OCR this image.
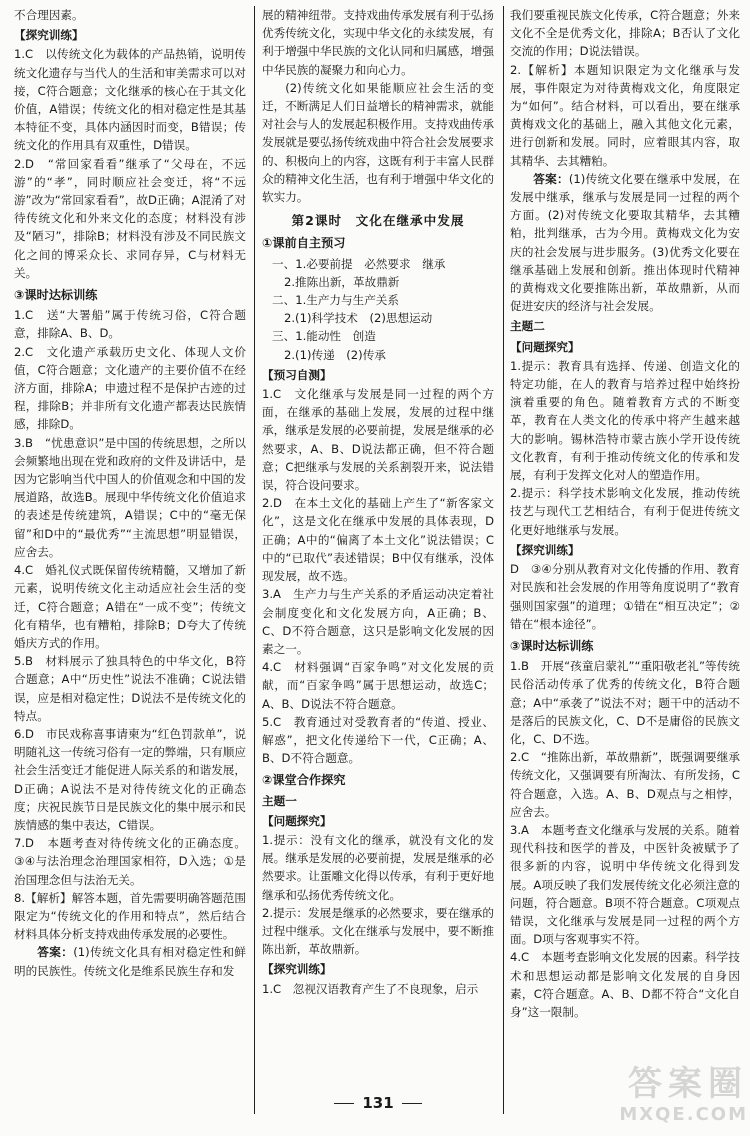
不合理因素。

【探究训练】

1.C　以传统文化为载体的产品热销，说明传统文化遗存与当代人的生活和审美需求可以对接，C符合题意；文化继承的核心在于其文化价值，A错误；传统文化的相对稳定性是其基本特征不变，具体内涵因时而变，B错误；传统文化的作用具有双重性，D错误。

2.D　“常回家看看”继承了“父母在，不远游”的“孝”，同时顺应社会变迁，将“不远游”改为“常回家看看”，故D正确；A混淆了对待传统文化和外来文化的态度；材料没有涉及“陋习”，排除B；材料没有涉及不同民族文化之间的博采众长、求同存异，C与材料无关。

③课时达标训练

1.C　送“大署船”属于传统习俗，C符合题意，排除A、B、D。

2.C　文化遗产承载历史文化、体现人文价值，C符合题意；文化遗产的主要价值不在经济方面，排除A；申遗过程不是保护古迹的过程，排除B；并非所有文化遗产都表达民族情感，排除D。

3.B　“忧患意识”是中国的传统思想，之所以会频繁地出现在党和政府的文件及讲话中，是因为它影响当代中国人的价值观念和中国的发展道路，故选B。展现中华传统文化价值追求的表述是传统建筑，A错误；C中的“毫无保留”和D中的“最优秀”“主流思想”明显错误，应舍去。

4.C　婚礼仪式既保留传统精髓，又增加了新元素，说明传统文化主动适应社会生活的变迁，C符合题意；A错在“一成不变”；传统文化有精华，也有糟粕，排除B；D夸大了传统婚庆方式的作用。

5.B　材料展示了独具特色的中华文化，B符合题意；A中“历史性”说法不准确；C说法错误，应是相对稳定性；D说法不是传统文化的特点。

6.D　市民戏称喜事请柬为“红色罚款单”，说明随礼这一传统习俗有一定的弊端，只有顺应社会生活变迁才能促进人际关系的和谐发展，D正确；A说法不是对待传统文化的正确态度；庆祝民族节日是民族文化的集中展示和民族情感的集中表达，C错误。

7.D　本题考查对待传统文化的正确态度。③④与法治理念治理国家相符，D入选；①是治国理念但与法治无关。

8.【解析】解答本题，首先需要明确答题范围限定为“传统文化的作用和特点”，然后结合材料具体分析支持戏曲传承发展的必要性。

答案：(1)传统文化具有相对稳定性和鲜明的民族性。传统文化是维系民族生存和发

展的精神纽带。支持戏曲传承发展有利于弘扬优秀传统文化，实现中华文化的永续发展，有利于增强中华民族的文化认同和归属感，增强中华民族的凝聚力和向心力。

(2)传统文化如果能顺应社会生活的变迁，不断满足人们日益增长的精神需求，就能对社会与人的发展起积极作用。支持戏曲传承发展就是要弘扬传统戏曲中符合社会发展要求的、积极向上的内容，这既有利于丰富人民群众的精神文化生活，也有利于增强中华文化的软实力。

第2课时　文化在继承中发展

①课前自主预习

一、1.必要前提　必然要求　继承

2.推陈出新，革故鼎新

二、1.生产力与生产关系

2.(1)科学技术　(2)思想运动

三、1.能动性　创造

2.(1)传递　(2)传承

【预习自测】

1.C　文化继承与发展是同一过程的两个方面，在继承的基础上发展，发展的过程中继承，继承是发展的必要前提，发展是继承的必然要求，A、B、D说法都正确，但不符合题意；C把继承与发展的关系割裂开来，说法错误，符合设问要求。

2.D　在本土文化的基础上产生了“新客家文化”，这是文化在继承中发展的具体表现，D正确；A中的“偏离了本土文化”说法错误；C中的“已取代”表述错误；B中仅有继承，没体现发展，故不选。

3.A　生产力与生产关系的矛盾运动决定着社会制度变化和文化发展方向，A正确；B、C、D不符合题意，这只是影响文化发展的因素之一。

4.C　材料强调“百家争鸣”对文化发展的贡献，而“百家争鸣”属于思想运动，故选C；A、B、D说法不符合题意。

5.C　教育通过对受教育者的“传道、授业、解惑”，把文化传递给下一代，C正确；A、B、D不符合题意。

②课堂合作探究

主题一

【问题探究】

1.提示：没有文化的继承，就没有文化的发展。继承是发展的必要前提，发展是继承的必然要求。让蛋雕文化得以传承，有利于更好地继承和弘扬优秀传统文化。

2.提示：发展是继承的必然要求，要在继承的过程中继承。文化在继承与发展中，要不断推陈出新，革故鼎新。

【探究训练】

1.C　忽视汉语教育产生了不良现象，启示

我们要重视民族文化传承，C符合题意；外来文化不全是优秀文化，排除A；B否认了文化交流的作用；D说法错误。

2.【解析】本题知识限定为文化继承与发展，事件限定为对待黄梅戏文化，角度限定为“如何”。结合材料，可以看出，要在继承黄梅戏文化的基础上，融入其他文化元素，进行创新和发展。同时，应着眼其内容，取其精华、去其糟粕。

答案：(1)传统文化要在继承中发展，在发展中继承，继承与发展是同一过程的两个方面。(2)对传统文化要取其精华，去其糟粕，批判继承，古为今用。黄梅戏文化为安庆的社会发展与进步服务。(3)优秀文化要在继承基础上发展和创新。推出体现时代精神的黄梅戏文化要推陈出新，革故鼎新，从而促进安庆的经济与社会发展。

主题二

【问题探究】

1.提示：教育具有选择、传递、创造文化的特定功能，在人的教育与培养过程中始终扮演着重要的角色。随着教育方式的不断变革，教育在人类文化的传承中将产生越来越大的影响。锡林浩特市蒙古族小学开设传统文化教育，有利于推动传统文化的传承和发展，有利于发挥文化对人的塑造作用。

2.提示：科学技术影响文化发展，推动传统技艺与现代工艺相结合，有利于促进传统文化更好地继承与发展。

【探究训练】

D　③④分别从教育对文化传播的作用、教育对民族和社会发展的作用等角度说明了“教育强则国家强”的道理；①错在“相互决定”；②错在“根本途径”。

③课时达标训练

1.B　开展“孩童启蒙礼”“重阳敬老礼”等传统民俗活动传承了优秀的传统文化，B符合题意；A中“承袭了”说法不对；题干中的活动不是落后的民族文化，C、D不是庸俗的民族文化，C、D不选。

2.C　“推陈出新，革故鼎新”，既强调要继承传统文化，又强调要有所淘汰、有所发扬，C符合题意，入选。A、B、D观点与之相悖，应舍去。

3.A　本题考查文化继承与发展的关系。随着现代科技和医学的普及，中医针灸被赋予了很多新的内容，说明中华传统文化得到发展。A项反映了我们发展传统文化必须注意的问题，符合题意。B项不符合题意。C项观点错误，文化继承与发展是同一过程的两个方面。D项与客观事实不符。

4.C　本题考查影响文化发展的因素。科学技术和思想运动都是影响文化发展的自身因素，C符合题意。A、B、D都不符合“文化自身”这一限制。

131	答案圈
MXQE.COM
